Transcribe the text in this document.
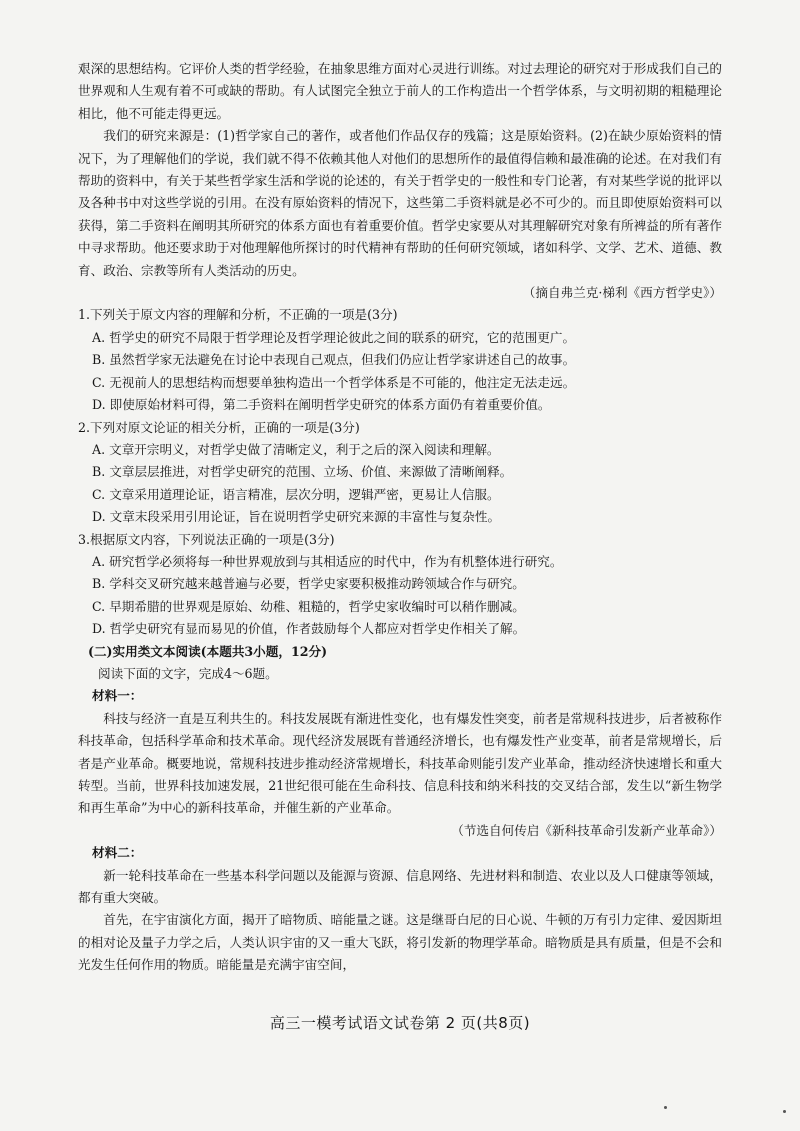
艰深的思想结构。它评价人类的哲学经验，在抽象思维方面对心灵进行训练。对过去理论的研究对于形成我们自己的世界观和人生观有着不可或缺的帮助。有人试图完全独立于前人的工作构造出一个哲学体系，与文明初期的粗糙理论相比，他不可能走得更远。

我们的研究来源是：(1)哲学家自己的著作，或者他们作品仅存的残篇；这是原始资料。(2)在缺少原始资料的情况下，为了理解他们的学说，我们就不得不依赖其他人对他们的思想所作的最值得信赖和最准确的论述。在对我们有帮助的资料中，有关于某些哲学家生活和学说的论述的，有关于哲学史的一般性和专门论著，有对某些学说的批评以及各种书中对这些学说的引用。在没有原始资料的情况下，这些第二手资料就是必不可少的。而且即使原始资料可以获得，第二手资料在阐明其所研究的体系方面也有着重要价值。哲学史家要从对其理解研究对象有所裨益的所有著作中寻求帮助。他还要求助于对他理解他所探讨的时代精神有帮助的任何研究领域，诸如科学、文学、艺术、道德、教育、政治、宗教等所有人类活动的历史。

（摘自弗兰克·梯利《西方哲学史》）

1.下列关于原文内容的理解和分析，不正确的一项是(3分)

A. 哲学史的研究不局限于哲学理论及哲学理论彼此之间的联系的研究，它的范围更广。

B. 虽然哲学家无法避免在讨论中表现自己观点，但我们仍应让哲学家讲述自己的故事。

C. 无视前人的思想结构而想要单独构造出一个哲学体系是不可能的，他注定无法走远。

D. 即使原始材料可得，第二手资料在阐明哲学史研究的体系方面仍有着重要价值。

2.下列对原文论证的相关分析，正确的一项是(3分)

A. 文章开宗明义，对哲学史做了清晰定义，利于之后的深入阅读和理解。

B. 文章层层推进，对哲学史研究的范围、立场、价值、来源做了清晰阐释。

C. 文章采用道理论证，语言精准，层次分明，逻辑严密，更易让人信服。

D. 文章末段采用引用论证，旨在说明哲学史研究来源的丰富性与复杂性。

3.根据原文内容，下列说法正确的一项是(3分)

A. 研究哲学必须将每一种世界观放到与其相适应的时代中，作为有机整体进行研究。

B. 学科交叉研究越来越普遍与必要，哲学史家要积极推动跨领域合作与研究。

C. 早期希腊的世界观是原始、幼稚、粗糙的，哲学史家收编时可以稍作删减。

D. 哲学史研究有显而易见的价值，作者鼓励每个人都应对哲学史作相关了解。

(二)实用类文本阅读(本题共3小题，12分)

阅读下面的文字，完成4～6题。

材料一：

科技与经济一直是互利共生的。科技发展既有渐进性变化，也有爆发性突变，前者是常规科技进步，后者被称作科技革命，包括科学革命和技术革命。现代经济发展既有普通经济增长，也有爆发性产业变革，前者是常规增长，后者是产业革命。概要地说，常规科技进步推动经济常规增长，科技革命则能引发产业革命，推动经济快速增长和重大转型。当前，世界科技加速发展，21世纪很可能在生命科技、信息科技和纳米科技的交叉结合部，发生以“新生物学和再生革命”为中心的新科技革命，并催生新的产业革命。

（节选自何传启《新科技革命引发新产业革命》）

材料二：

新一轮科技革命在一些基本科学问题以及能源与资源、信息网络、先进材料和制造、农业以及人口健康等领域，都有重大突破。

首先，在宇宙演化方面，揭开了暗物质、暗能量之谜。这是继哥白尼的日心说、牛顿的万有引力定律、爱因斯坦的相对论及量子力学之后，人类认识宇宙的又一重大飞跃，将引发新的物理学革命。暗物质是具有质量，但是不会和光发生任何作用的物质。暗能量是充满宇宙空间，

高三一模考试语文试卷第 2 页(共8页)
